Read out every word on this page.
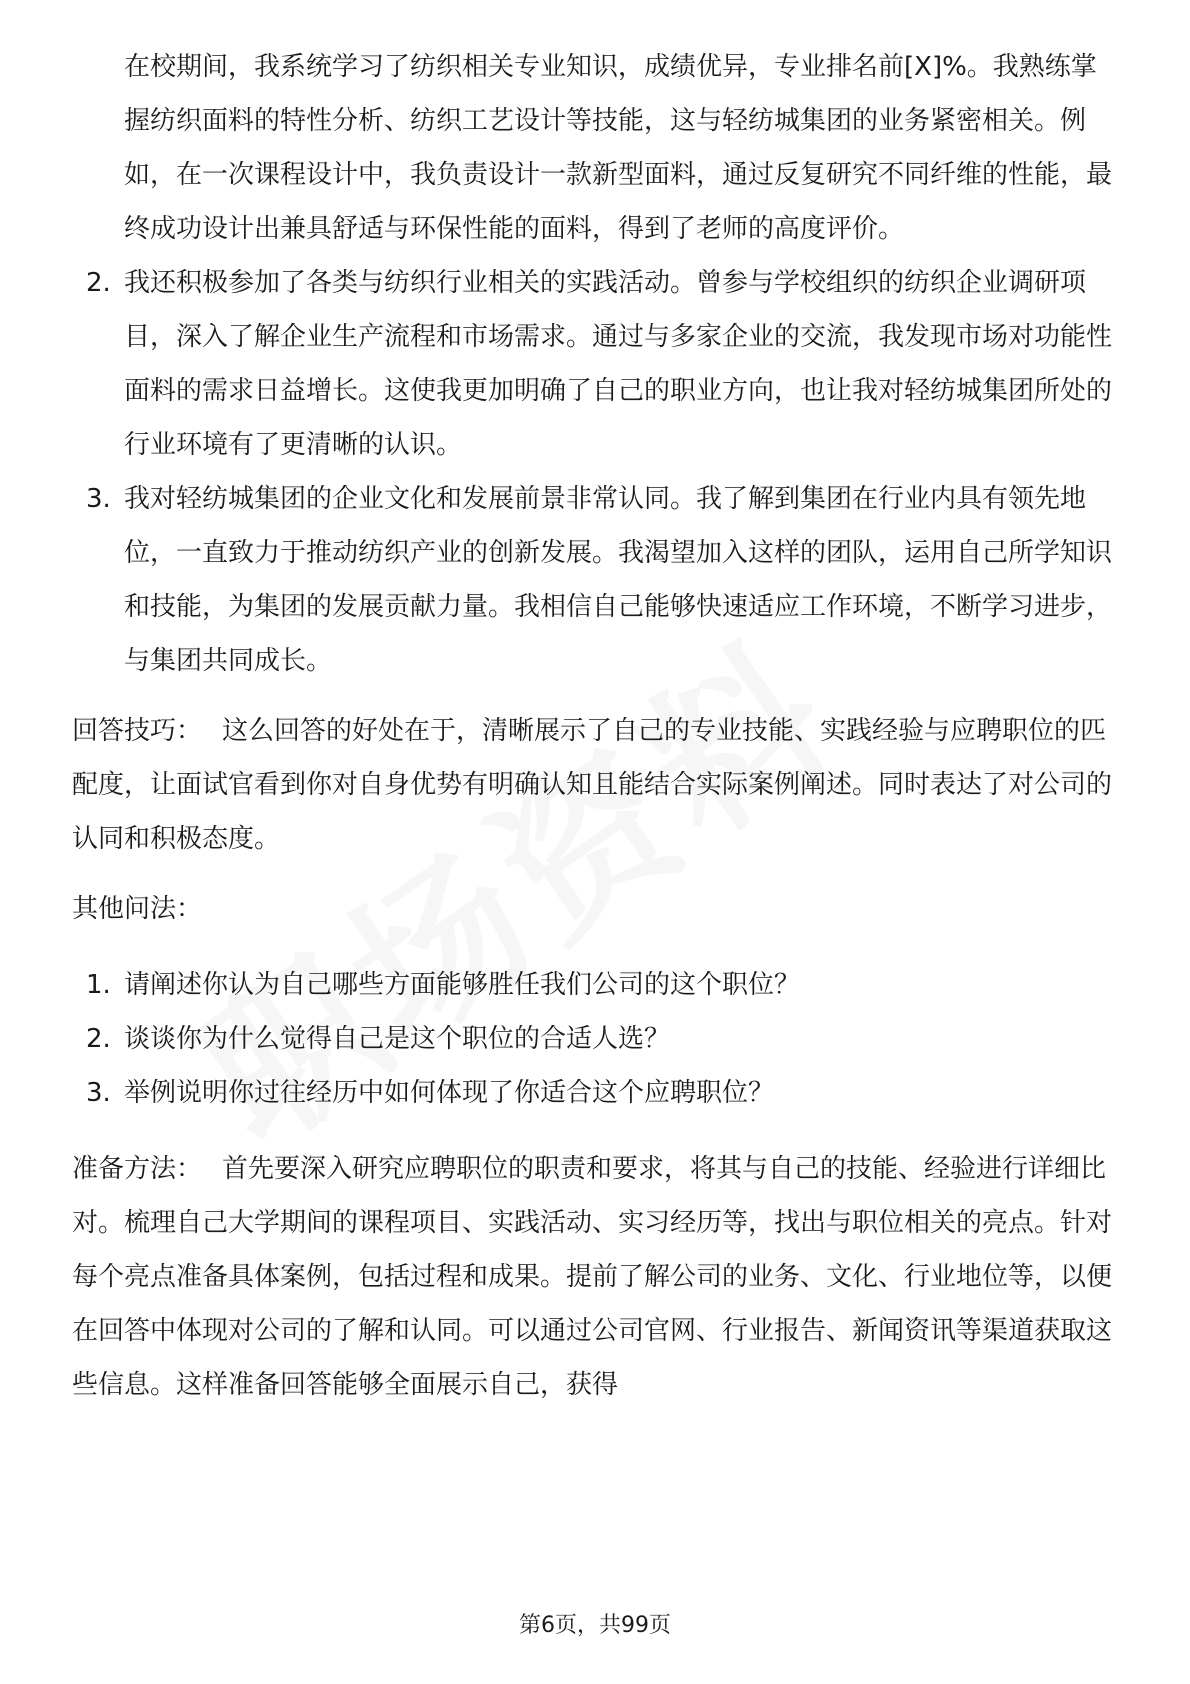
在校期间，我系统学习了纺织相关专业知识，成绩优异，专业排名前[X]%。我熟练掌握纺织面料的特性分析、纺织工艺设计等技能，这与轻纺城集团的业务紧密相关。例如，在一次课程设计中，我负责设计一款新型面料，通过反复研究不同纤维的性能，最终成功设计出兼具舒适与环保性能的面料，得到了老师的高度评价。

2. 我还积极参加了各类与纺织行业相关的实践活动。曾参与学校组织的纺织企业调研项目，深入了解企业生产流程和市场需求。通过与多家企业的交流，我发现市场对功能性面料的需求日益增长。这使我更加明确了自己的职业方向，也让我对轻纺城集团所处的行业环境有了更清晰的认识。
3. 我对轻纺城集团的企业文化和发展前景非常认同。我了解到集团在行业内具有领先地位，一直致力于推动纺织产业的创新发展。我渴望加入这样的团队，运用自己所学知识和技能，为集团的发展贡献力量。我相信自己能够快速适应工作环境，不断学习进步，与集团共同成长。

回答技巧： 这么回答的好处在于，清晰展示了自己的专业技能、实践经验与应聘职位的匹配度，让面试官看到你对自身优势有明确认知且能结合实际案例阐述。同时表达了对公司的认同和积极态度。

其他问法：

1. 请阐述你认为自己哪些方面能够胜任我们公司的这个职位？
2. 谈谈你为什么觉得自己是这个职位的合适人选？
3. 举例说明你过往经历中如何体现了你适合这个应聘职位？

准备方法： 首先要深入研究应聘职位的职责和要求，将其与自己的技能、经验进行详细比对。梳理自己大学期间的课程项目、实践活动、实习经历等，找出与职位相关的亮点。针对每个亮点准备具体案例，包括过程和成果。提前了解公司的业务、文化、行业地位等，以便在回答中体现对公司的了解和认同。可以通过公司官网、行业报告、新闻资讯等渠道获取这些信息。这样准备回答能够全面展示自己，获得

第6页，共99页
